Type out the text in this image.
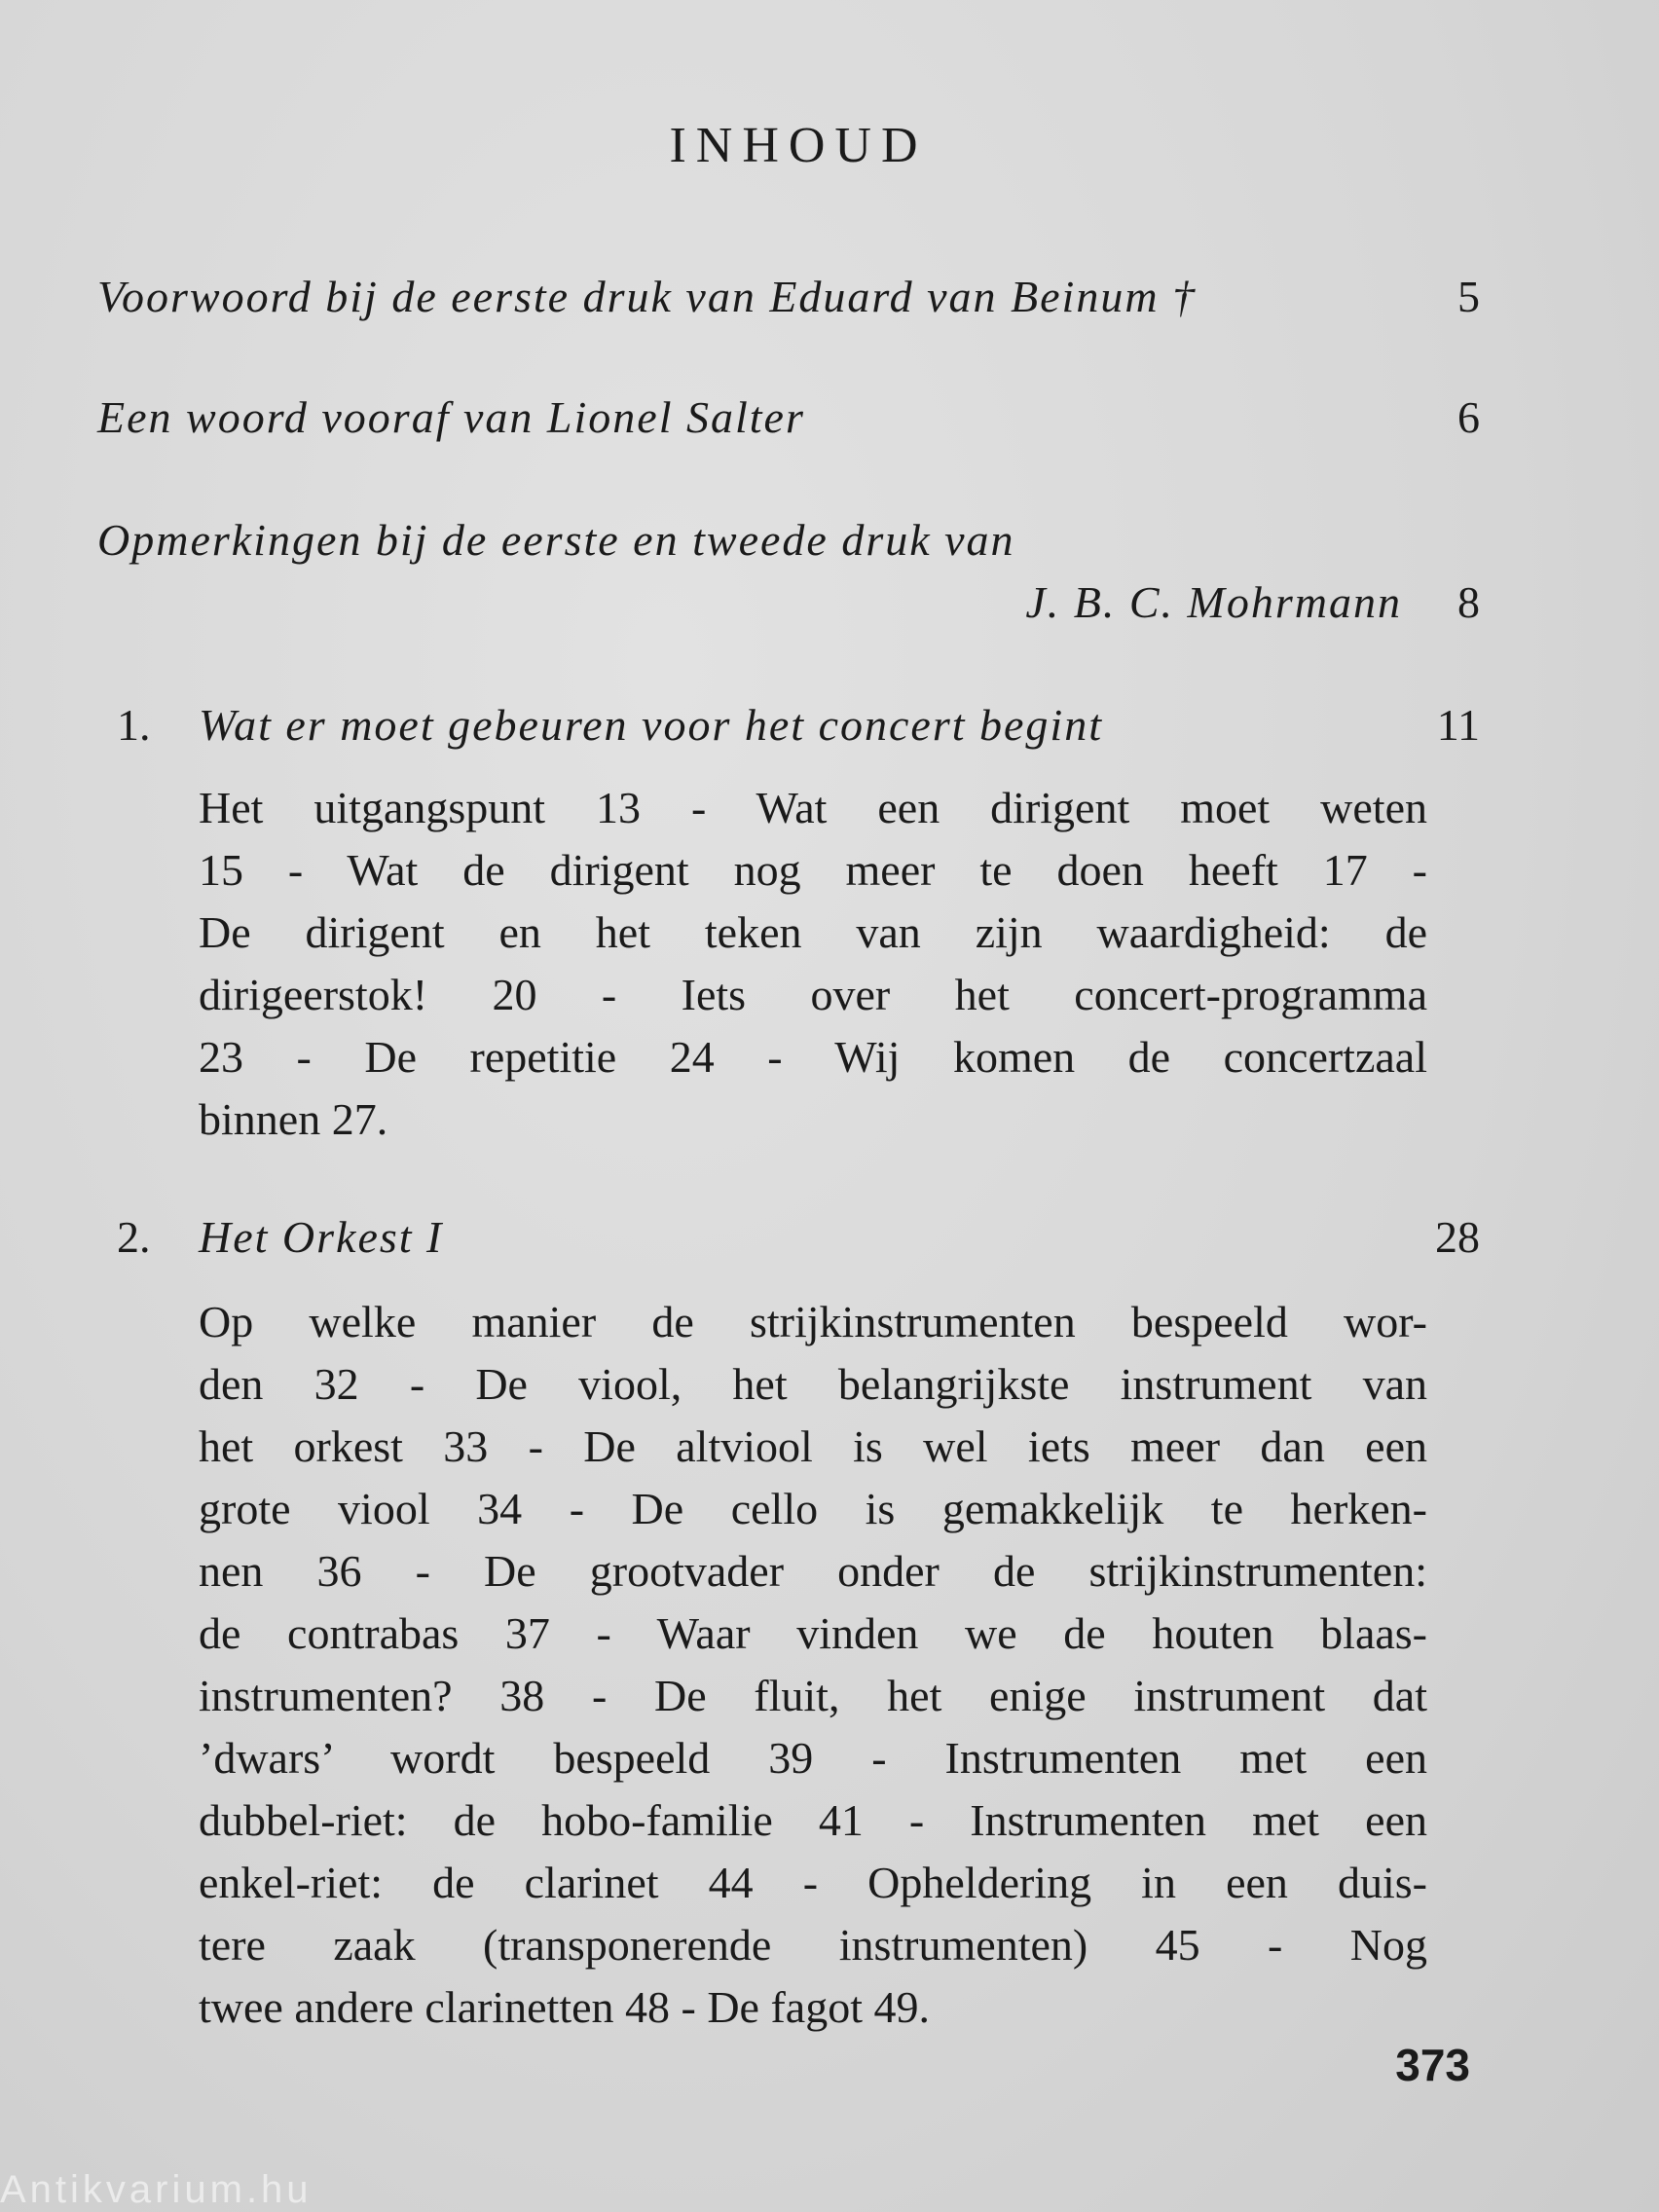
INHOUD
Voorwoord bij de eerste druk van Eduard van Beinum †	5
Een woord vooraf van Lionel Salter	6
Opmerkingen bij de eerste en tweede druk van
J. B. C. Mohrmann	8
1.	Wat er moet gebeuren voor het concert begint	11
Het uitgangspunt 13 - Wat een dirigent moet weten
15 - Wat de dirigent nog meer te doen heeft 17 -
De dirigent en het teken van zijn waardigheid: de
dirigeerstok! 20 - Iets over het concert-programma
23 - De repetitie 24 - Wij komen de concertzaal
binnen 27.
2.	Het Orkest I	28
Op welke manier de strijkinstrumenten bespeeld wor-
den 32 - De viool, het belangrijkste instrument van
het orkest 33 - De altviool is wel iets meer dan een
grote viool 34 - De cello is gemakkelijk te herken-
nen 36 - De grootvader onder de strijkinstrumenten:
de contrabas 37 - Waar vinden we de houten blaas-
instrumenten? 38 - De fluit, het enige instrument dat
’dwars’ wordt bespeeld 39 - Instrumenten met een
dubbel-riet: de hobo-familie 41 - Instrumenten met een
enkel-riet: de clarinet 44 - Opheldering in een duis-
tere zaak (transponerende instrumenten) 45 - Nog
twee andere clarinetten 48 - De fagot 49.
373
Antikvarium.hu
